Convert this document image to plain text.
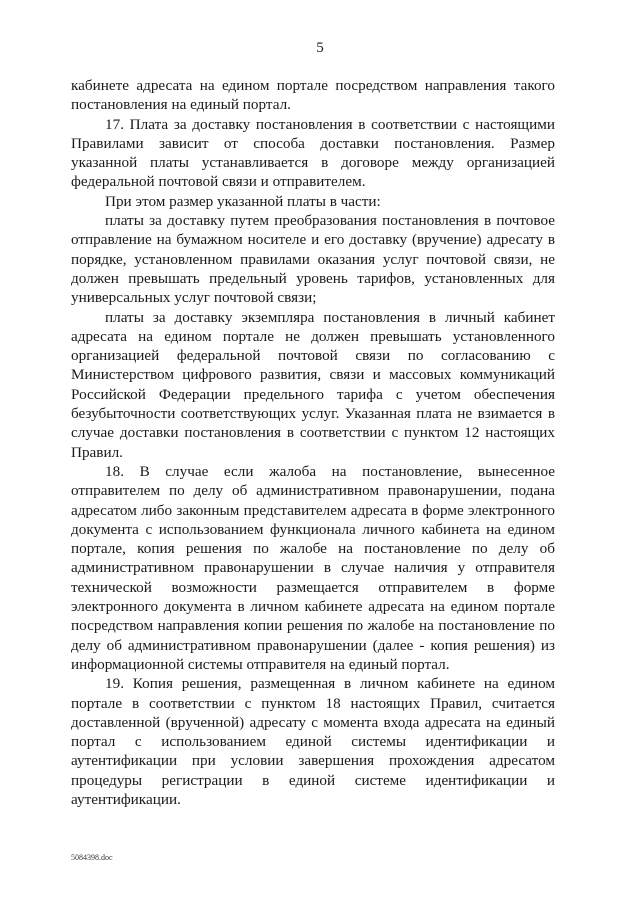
5

кабинете адресата на едином портале посредством направления такого постановления на единый портал.

17. Плата за доставку постановления в соответствии с настоящими Правилами зависит от способа доставки постановления. Размер указанной платы устанавливается в договоре между организацией федеральной почтовой связи и отправителем.

При этом размер указанной платы в части:

платы за доставку путем преобразования постановления в почтовое отправление на бумажном носителе и его доставку (вручение) адресату в порядке, установленном правилами оказания услуг почтовой связи, не должен превышать предельный уровень тарифов, установленных для универсальных услуг почтовой связи;

платы за доставку экземпляра постановления в личный кабинет адресата на едином портале не должен превышать установленного организацией федеральной почтовой связи по согласованию с Министерством цифрового развития, связи и массовых коммуникаций Российской Федерации предельного тарифа с учетом обеспечения безубыточности соответствующих услуг. Указанная плата не взимается в случае доставки постановления в соответствии с пунктом 12 настоящих Правил.

18. В случае если жалоба на постановление, вынесенное отправителем по делу об административном правонарушении, подана адресатом либо законным представителем адресата в форме электронного документа с использованием функционала личного кабинета на едином портале, копия решения по жалобе на постановление по делу об административном правонарушении в случае наличия у отправителя технической возможности размещается отправителем в форме электронного документа в личном кабинете адресата на едином портале посредством направления копии решения по жалобе на постановление по делу об административном правонарушении (далее - копия решения) из информационной системы отправителя на единый портал.

19. Копия решения, размещенная в личном кабинете на едином портале в соответствии с пунктом 18 настоящих Правил, считается доставленной (врученной) адресату с момента входа адресата на единый портал с использованием единой системы идентификации и аутентификации при условии завершения прохождения адресатом процедуры регистрации в единой системе идентификации и аутентификации.

5084398.doc
